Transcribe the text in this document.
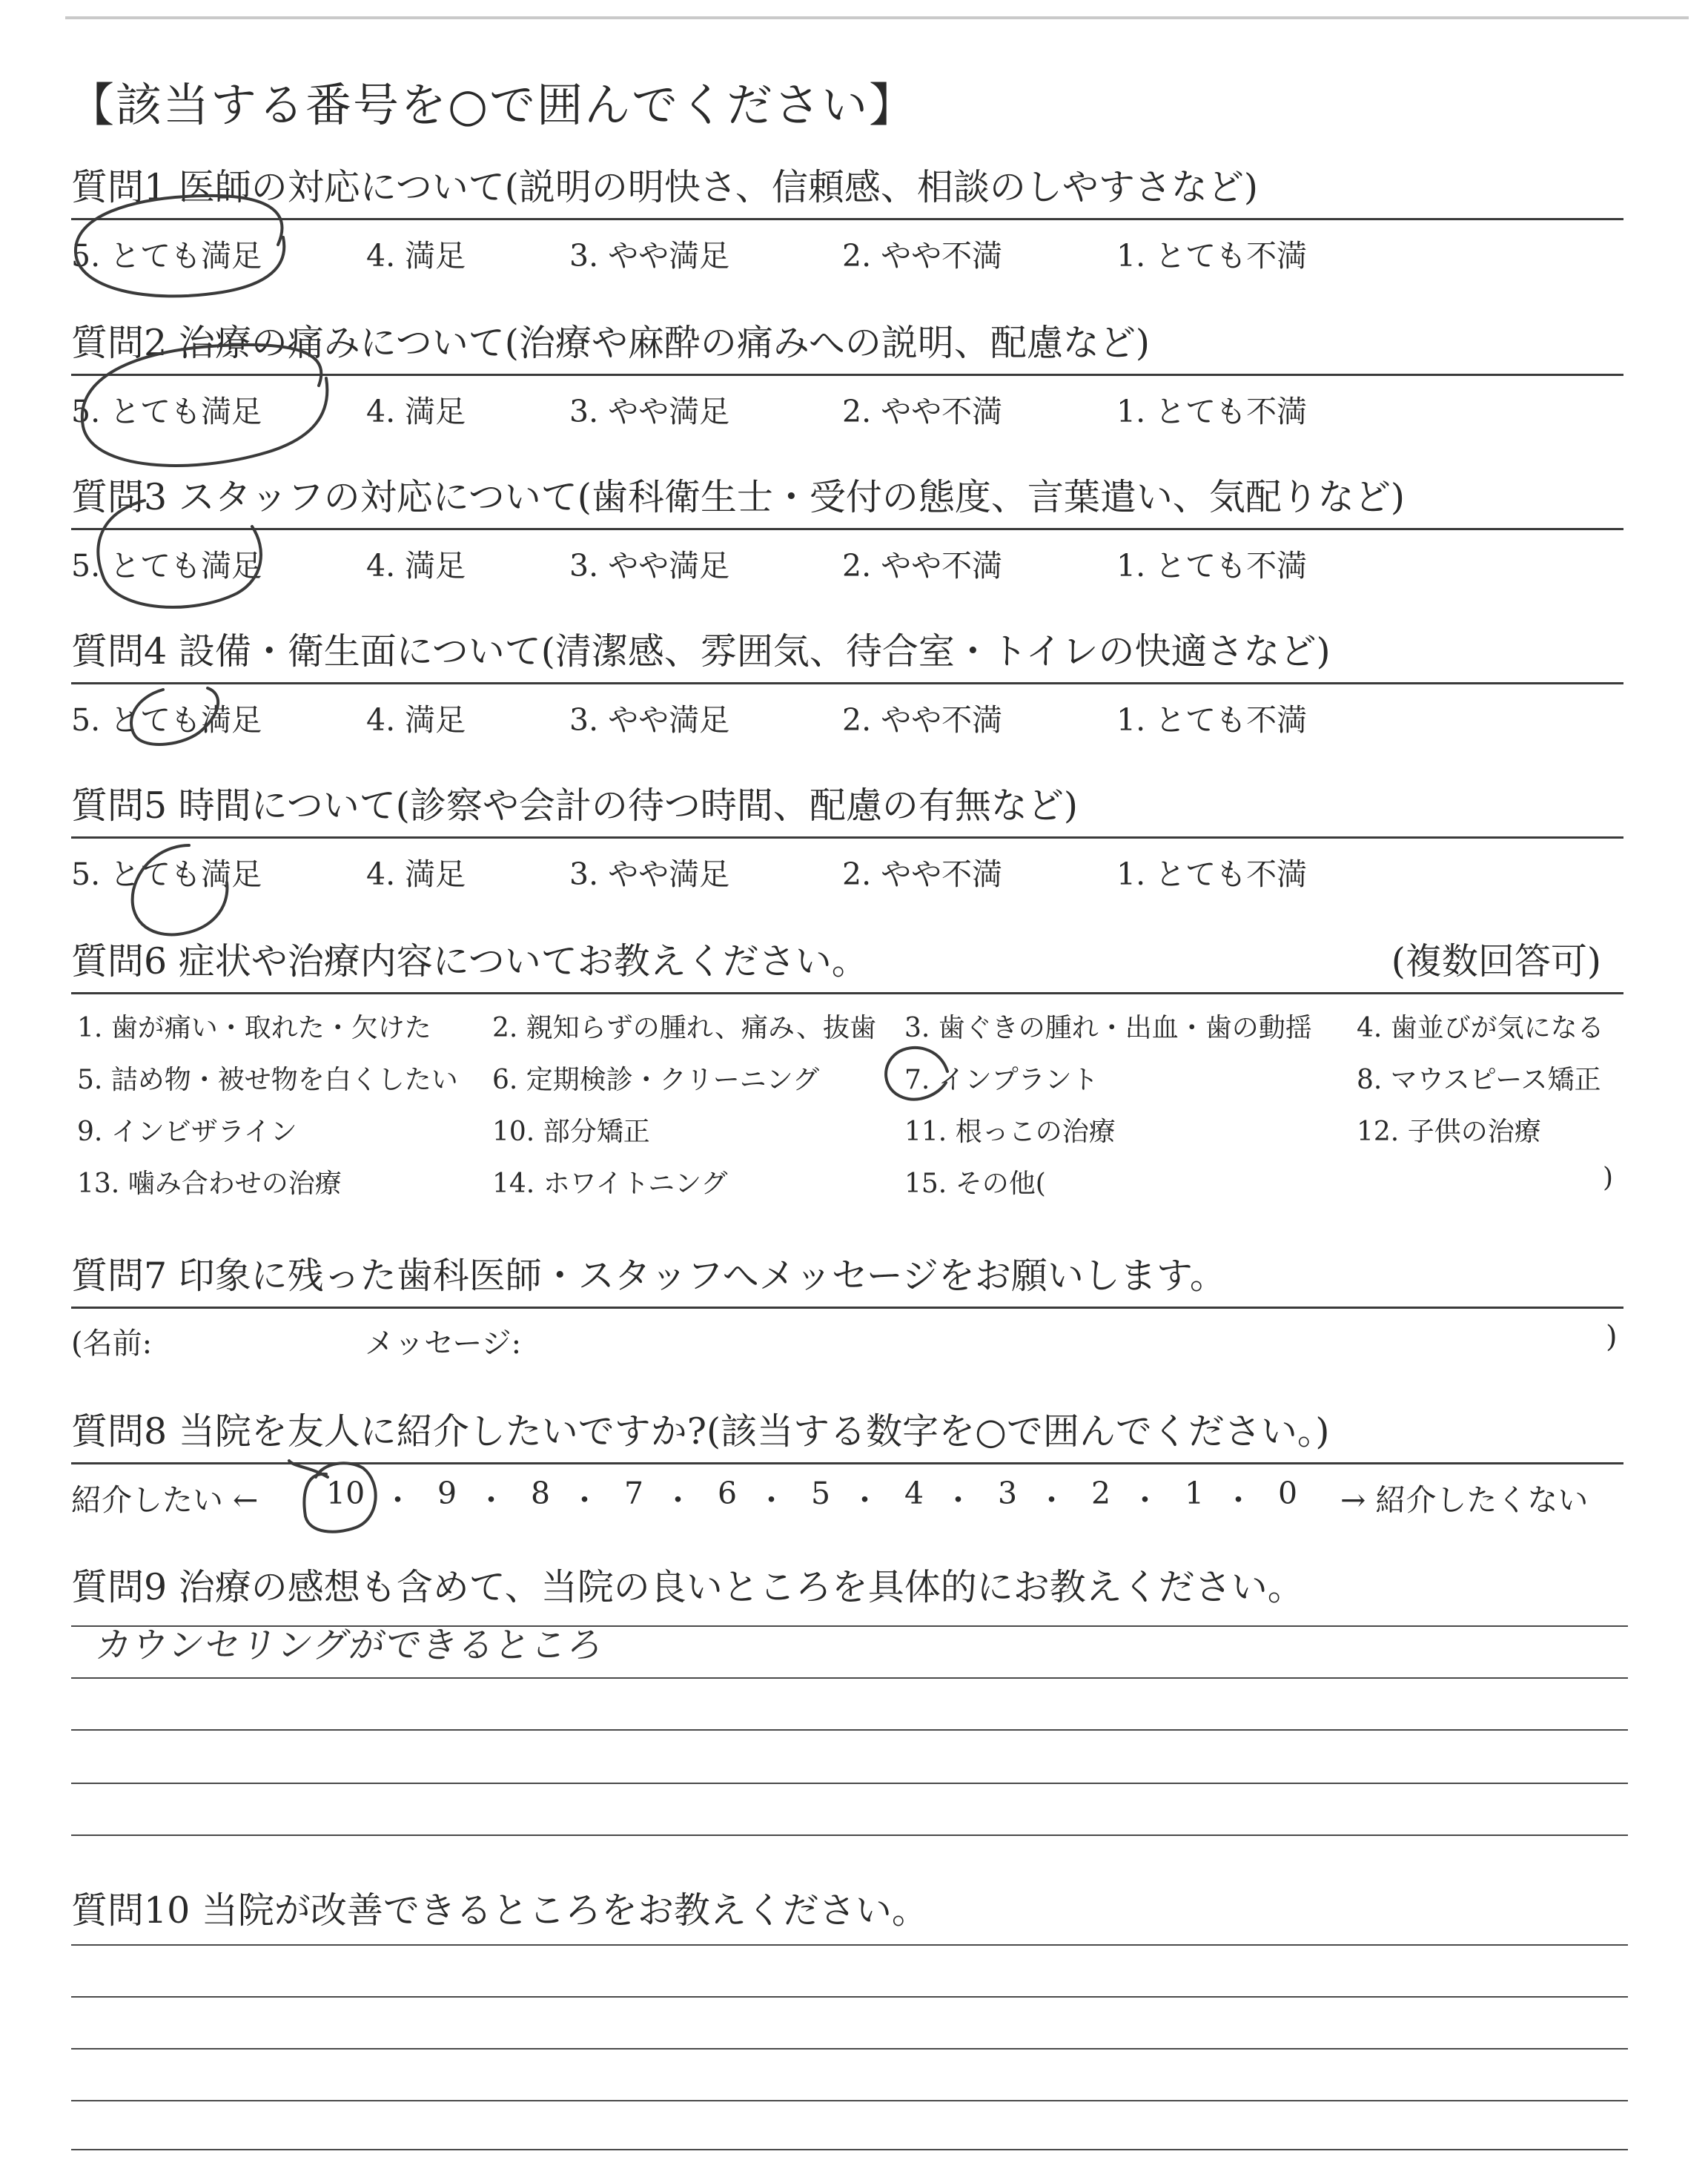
【該当する番号を○で囲んでください】
質問1 医師の対応について(説明の明快さ、信頼感、相談のしやすさなど)
5. とても満足	4. 満足	3. やや満足	2. やや不満	1. とても不満
質問2 治療の痛みについて(治療や麻酔の痛みへの説明、配慮など)
5. とても満足	4. 満足	3. やや満足	2. やや不満	1. とても不満
質問3 スタッフの対応について(歯科衛生士・受付の態度、言葉遣い、気配りなど)
5. とても満足	4. 満足	3. やや満足	2. やや不満	1. とても不満
質問4 設備・衛生面について(清潔感、雰囲気、待合室・トイレの快適さなど)
5. とても満足	4. 満足	3. やや満足	2. やや不満	1. とても不満
質問5 時間について(診察や会計の待つ時間、配慮の有無など)
5. とても満足	4. 満足	3. やや満足	2. やや不満	1. とても不満
質問6 症状や治療内容についてお教えください。	(複数回答可)
1. 歯が痛い・取れた・欠けた 2. 親知らずの腫れ、痛み、抜歯 3. 歯ぐきの腫れ・出血・歯の動揺 4. 歯並びが気になる
5. 詰め物・被せ物を白くしたい 6. 定期検診・クリーニング	7. インプラント	8. マウスピース矯正
9. インビザライン	10. 部分矯正	11. 根っこの治療	12. 子供の治療
13. 噛み合わせの治療	14. ホワイトニング	15. その他(	)
質問7 印象に残った歯科医師・スタッフへメッセージをお願いします。
(名前:	メッセージ:	)
質問8 当院を友人に紹介したいですか?(該当する数字を○で囲んでください。)
紹介したい ← 10 ・ 9 ・ 8 ・ 7 ・ 6 ・ 5 ・ 4 ・ 3 ・ 2 ・ 1 ・ 0 → 紹介したくない
質問9 治療の感想も含めて、当院の良いところを具体的にお教えください。
カウンセリングができるところ
質問10 当院が改善できるところをお教えください。
